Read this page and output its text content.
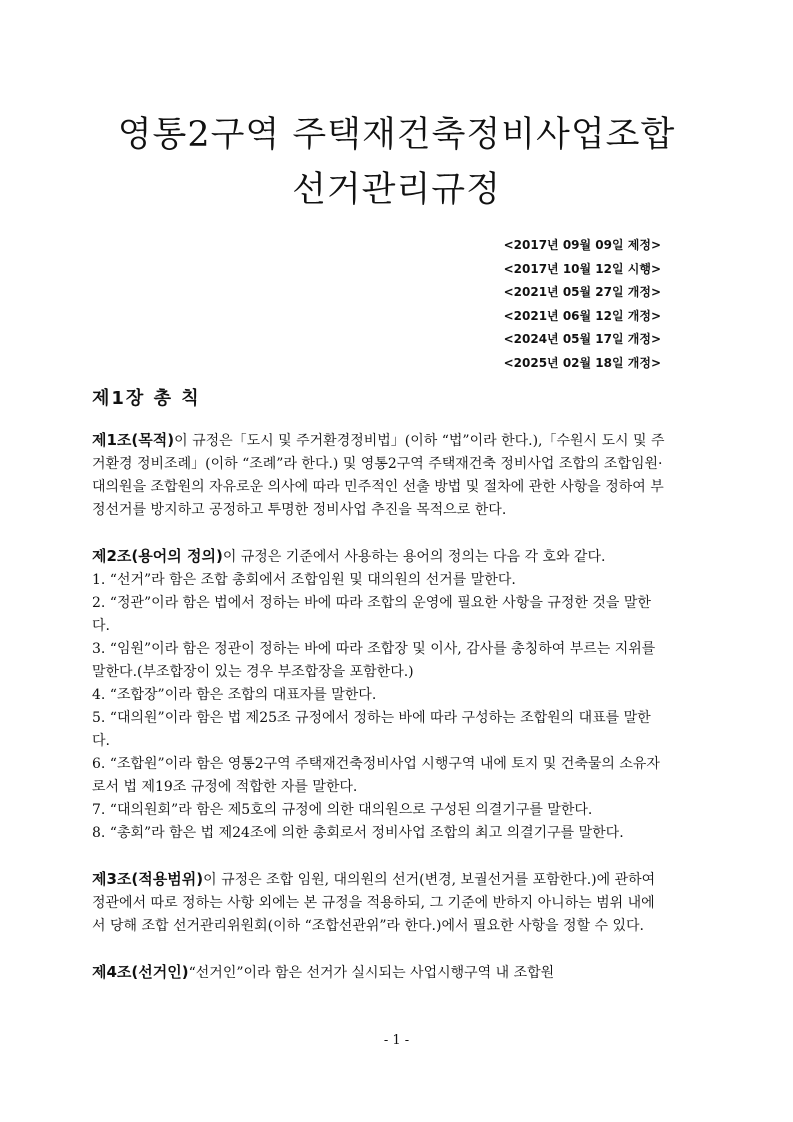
영통2구역 주택재건축정비사업조합
선거관리규정
<2017년 09월 09일 제정>
<2017년 10월 12일 시행>
<2021년 05월 27일 개정>
<2021년 06월 12일 개정>
<2024년 05월 17일 개정>
<2025년 02월 18일 개정>
제1장 총 칙

제1조(목적)이 규정은「도시 및 주거환경정비법」(이하 “법”이라 한다.),「수원시 도시 및 주거환경 정비조례」(이하 “조례”라 한다.) 및 영통2구역 주택재건축 정비사업 조합의 조합임원·대의원을 조합원의 자유로운 의사에 따라 민주적인 선출 방법 및 절차에 관한 사항을 정하여 부정선거를 방지하고 공정하고 투명한 정비사업 추진을 목적으로 한다.

제2조(용어의 정의)이 규정은 기준에서 사용하는 용어의 정의는 다음 각 호와 같다.

1. “선거”라 함은 조합 총회에서 조합임원 및 대의원의 선거를 말한다.

2. “정관”이라 함은 법에서 정하는 바에 따라 조합의 운영에 필요한 사항을 규정한 것을 말한다.

3. “임원”이라 함은 정관이 정하는 바에 따라 조합장 및 이사, 감사를 총칭하여 부르는 지위를 말한다.(부조합장이 있는 경우 부조합장을 포함한다.)

4. “조합장”이라 함은 조합의 대표자를 말한다.

5. “대의원”이라 함은 법 제25조 규정에서 정하는 바에 따라 구성하는 조합원의 대표를 말한다.

6. “조합원”이라 함은 영통2구역 주택재건축정비사업 시행구역 내에 토지 및 건축물의 소유자로서 법 제19조 규정에 적합한 자를 말한다.

7. “대의원회”라 함은 제5호의 규정에 의한 대의원으로 구성된 의결기구를 말한다.

8. “총회”라 함은 법 제24조에 의한 총회로서 정비사업 조합의 최고 의결기구를 말한다.

제3조(적용범위)이 규정은 조합 임원, 대의원의 선거(변경, 보궐선거를 포함한다.)에 관하여 정관에서 따로 정하는 사항 외에는 본 규정을 적용하되, 그 기준에 반하지 아니하는 범위 내에서 당해 조합 선거관리위원회(이하 “조합선관위”라 한다.)에서 필요한 사항을 정할 수 있다.

제4조(선거인)“선거인”이라 함은 선거가 실시되는 사업시행구역 내 조합원

- 1 -
